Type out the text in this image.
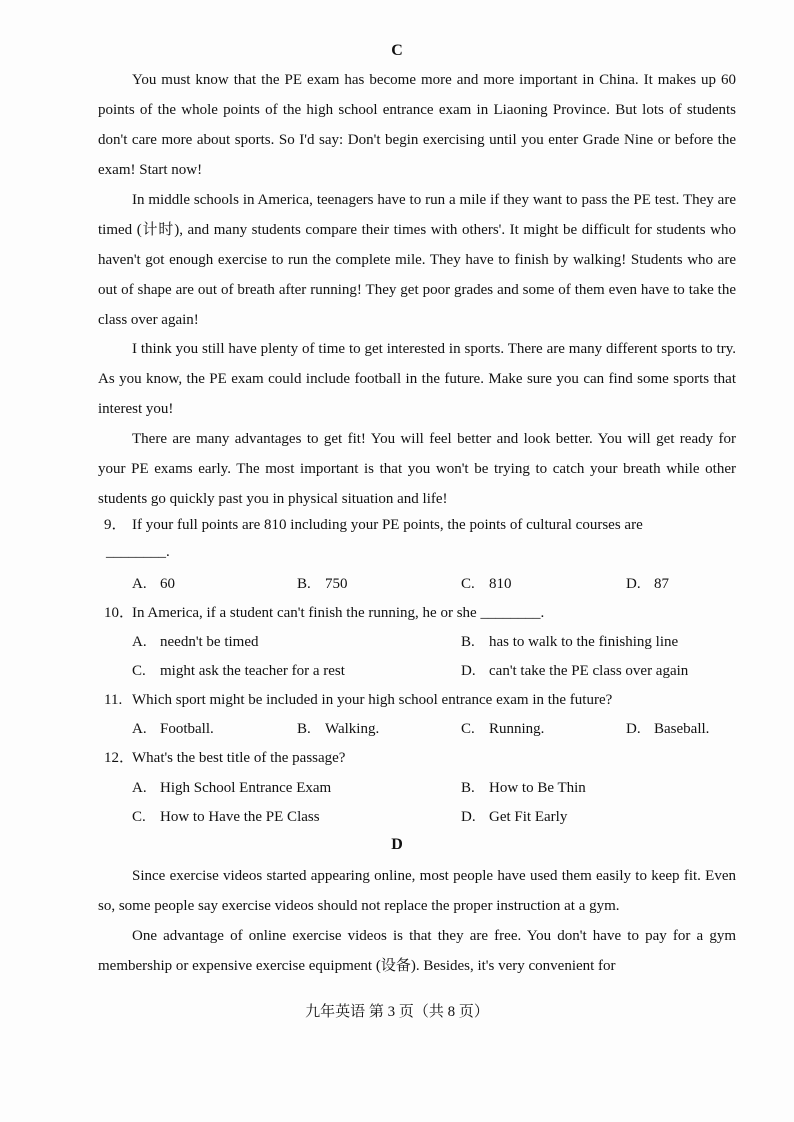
C

You must know that the PE exam has become more and more important in China. It makes up 60 points of the whole points of the high school entrance exam in Liaoning Province. But lots of students don't care more about sports. So I'd say: Don't begin exercising until you enter Grade Nine or before the exam! Start now!

In middle schools in America, teenagers have to run a mile if they want to pass the PE test. They are timed (计时), and many students compare their times with others'. It might be difficult for students who haven't got enough exercise to run the complete mile. They have to finish by walking! Students who are out of shape are out of breath after running! They get poor grades and some of them even have to take the class over again!

I think you still have plenty of time to get interested in sports. There are many different sports to try. As you know, the PE exam could include football in the future. Make sure you can find some sports that interest you!

There are many advantages to get fit! You will feel better and look better. You will get ready for your PE exams early. The most important is that you won't be trying to catch your breath while other students go quickly past you in physical situation and life!

9． If your full points are 810 including your PE points, the points of cultural courses are
________.
A. 60	B. 750	C. 810	D. 87
10．In America, if a student can't finish the running, he or she ________.
A. needn't be timed	B. has to walk to the finishing line
C. might ask the teacher for a rest	D. can't take the PE class over again
11. Which sport might be included in your high school entrance exam in the future?
A. Football.	B. Walking.	C. Running.	D. Baseball.
12．What's the best title of the passage?
A. High School Entrance Exam	B. How to Be Thin
C. How to Have the PE Class	D. Get Fit Early
D

Since exercise videos started appearing online, most people have used them easily to keep fit. Even so, some people say exercise videos should not replace the proper instruction at a gym.

One advantage of online exercise videos is that they are free. You don't have to pay for a gym membership or expensive exercise equipment (设备). Besides, it's very convenient for

九年英语 第 3 页（共 8 页）
